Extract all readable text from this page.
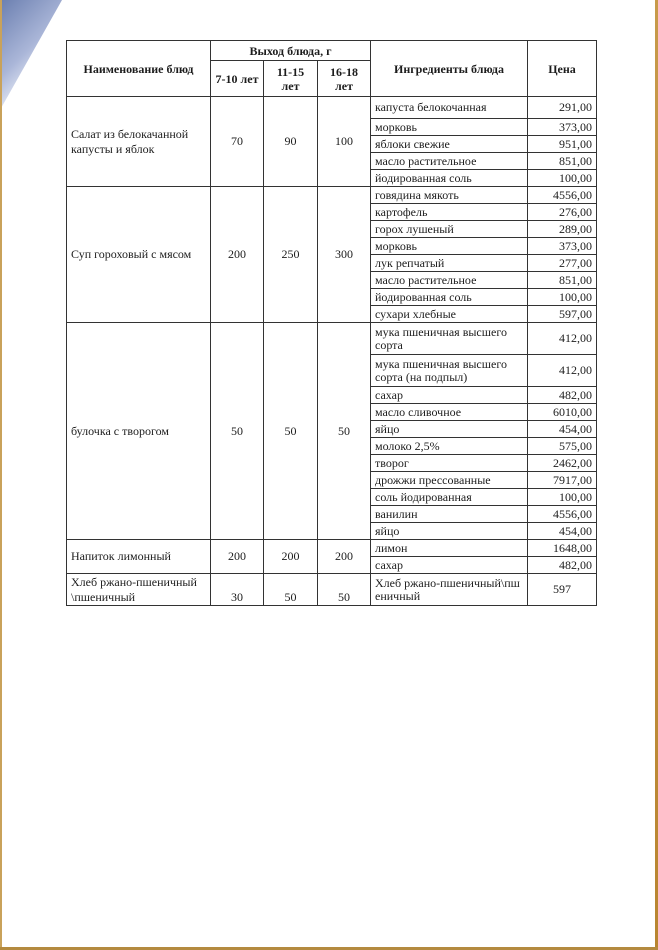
Наименование блюд	Выход блюда, г			Ингредиенты блюда	Цена
	7-10 лет	11-15 лет	16-18 лет		
Салат из белокачанной капусты и яблок	70	90	100	капуста белокочанная	291,00
				морковь	373,00
				яблоки свежие	951,00
				масло растительное	851,00
				йодированная соль	100,00
Суп гороховый с мясом	200	250	300	говядина мякоть	4556,00
				картофель	276,00
				горох лушеный	289,00
				морковь	373,00
				лук репчатый	277,00
				масло растительное	851,00
				йодированная соль	100,00
				сухари хлебные	597,00
булочка с творогом	50	50	50	мука пшеничная высшего сорта	412,00
				мука пшеничная высшего сорта (на подпыл)	412,00
				сахар	482,00
				масло сливочное	6010,00
				яйцо	454,00
				молоко 2,5%	575,00
				творог	2462,00
				дрожжи прессованные	7917,00
				соль йодированная	100,00
				ванилин	4556,00
				яйцо	454,00
Напиток лимонный	200	200	200	лимон	1648,00
				сахар	482,00
Хлеб ржано-пшеничный\пшеничный	30	50	50	Хлеб ржано-пшеничный\пшеничный	597
